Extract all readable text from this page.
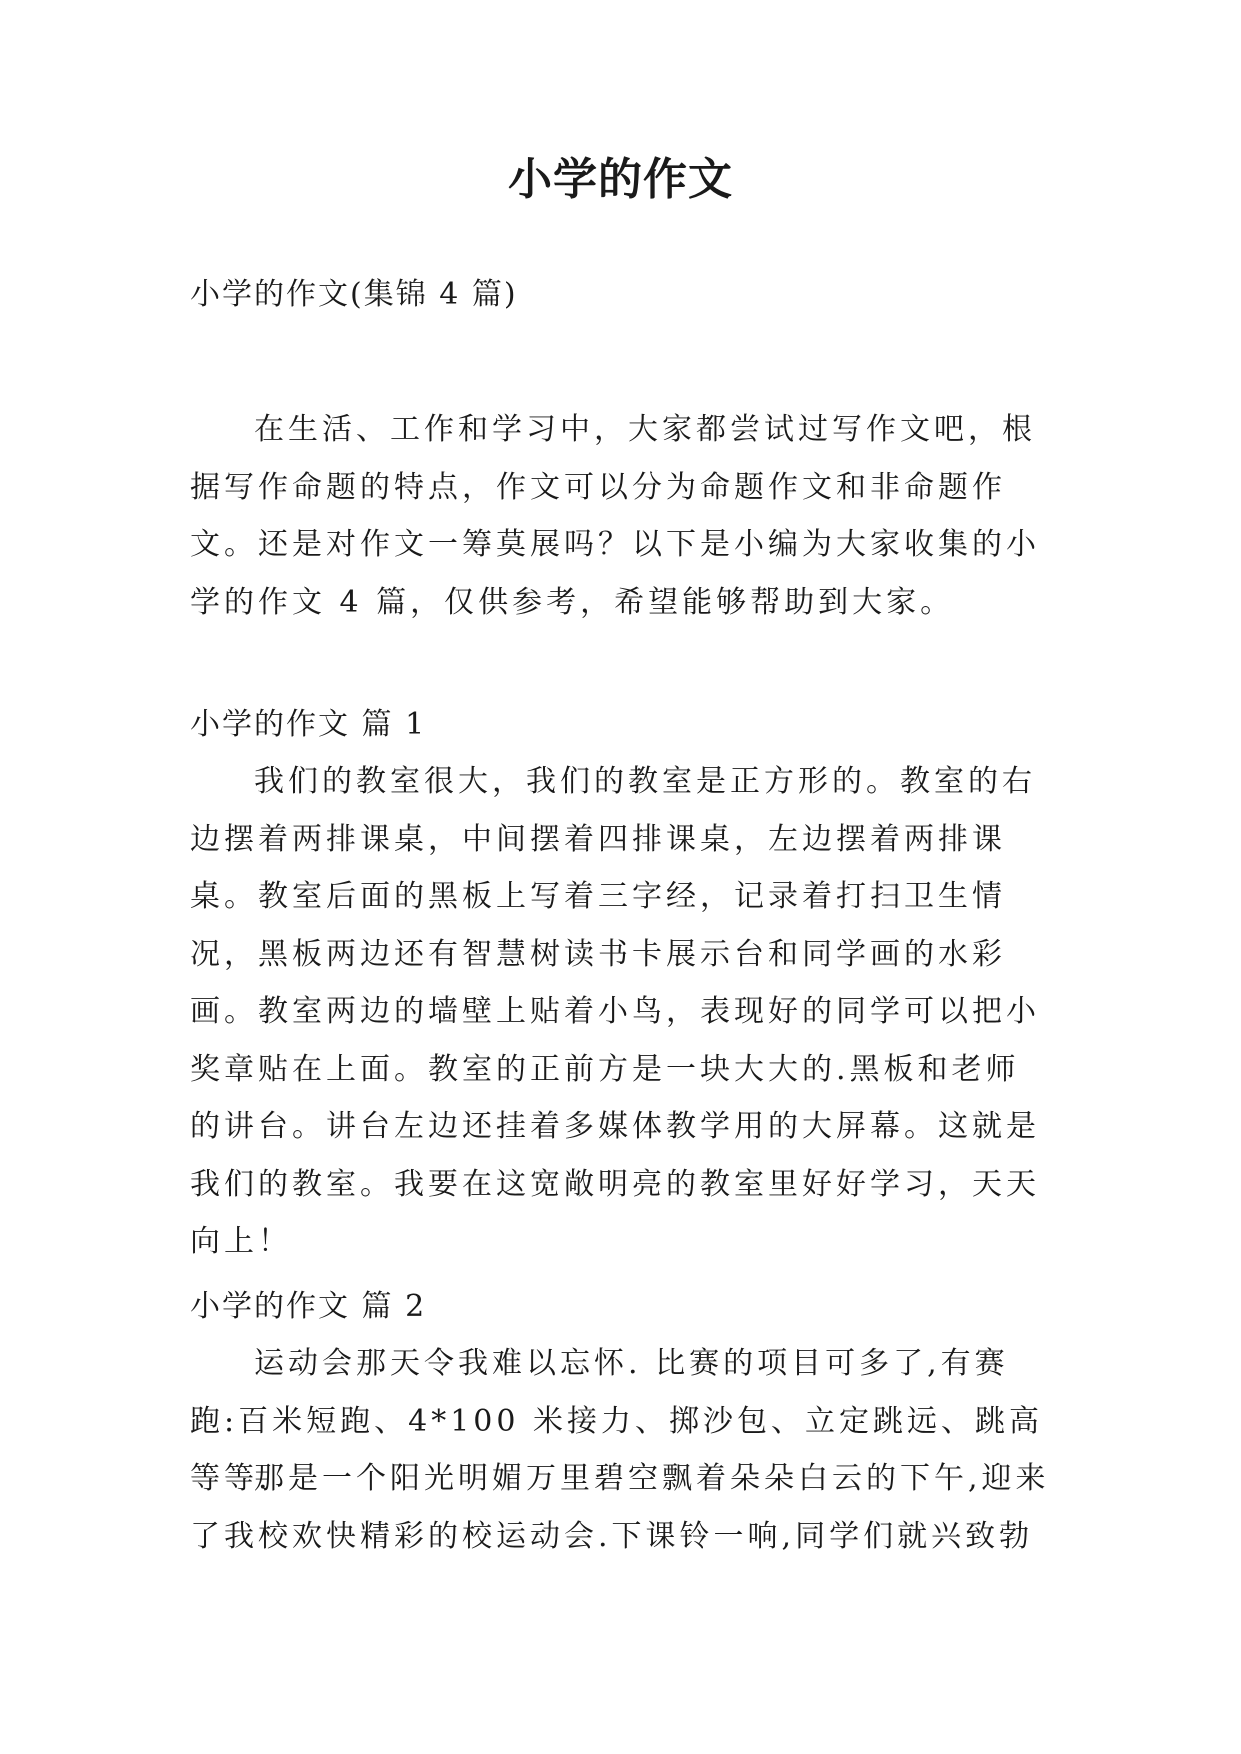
小学的作文
小学的作文(集锦 4 篇)
在生活、工作和学习中，大家都尝试过写作文吧，根据写作命题的特点，作文可以分为命题作文和非命题作文。还是对作文一筹莫展吗？以下是小编为大家收集的小学的作文 4 篇，仅供参考，希望能够帮助到大家。
小学的作文 篇 1
我们的教室很大，我们的教室是正方形的。教室的右边摆着两排课桌，中间摆着四排课桌，左边摆着两排课桌。教室后面的黑板上写着三字经，记录着打扫卫生情况，黑板两边还有智慧树读书卡展示台和同学画的水彩画。教室两边的墙壁上贴着小鸟，表现好的同学可以把小奖章贴在上面。教室的正前方是一块大大的.黑板和老师的讲台。讲台左边还挂着多媒体教学用的大屏幕。这就是我们的教室。我要在这宽敞明亮的教室里好好学习，天天向上！
小学的作文 篇 2
运动会那天令我难以忘怀. 比赛的项目可多了,有赛跑:百米短跑、4*100 米接力、掷沙包、立定跳远、跳高等等.
那是一个阳光明媚万里碧空飘着朵朵白云的下午,迎来了我校欢快精彩的校运动会.下课铃一响,同学们就兴致勃
